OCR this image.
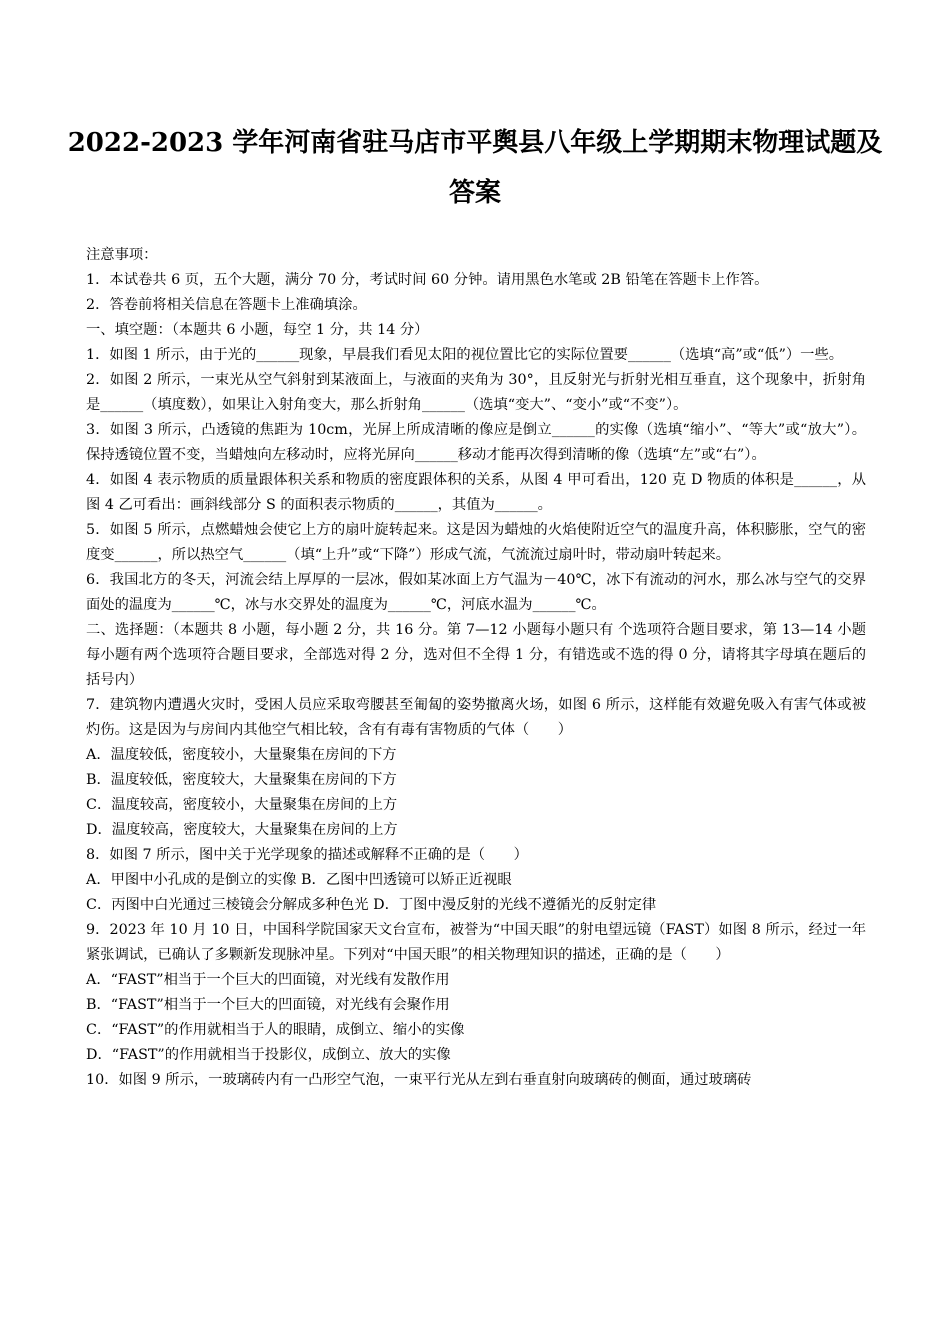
2022-2023 学年河南省驻马店市平舆县八年级上学期期末物理试题及
答案

注意事项：

1．本试卷共 6 页，五个大题，满分 70 分，考试时间 60 分钟。请用黑色水笔或 2B 铅笔在答题卡上作答。

2．答卷前将相关信息在答题卡上准确填涂。

一、填空题：（本题共 6 小题，每空 1 分，共 14 分）

1．如图 1 所示，由于光的______现象，早晨我们看见太阳的视位置比它的实际位置要______（选填“高”或“低”）一些。

2．如图 2 所示，一束光从空气斜射到某液面上，与液面的夹角为 30°，且反射光与折射光相互垂直，这个现象中，折射角是______（填度数），如果让入射角变大，那么折射角______（选填“变大”、“变小”或“不变”）。

3．如图 3 所示，凸透镜的焦距为 10cm，光屏上所成清晰的像应是倒立______的实像（选填“缩小”、“等大”或“放大”）。保持透镜位置不变，当蜡烛向左移动时，应将光屏向______移动才能再次得到清晰的像（选填“左”或“右”）。

4．如图 4 表示物质的质量跟体积关系和物质的密度跟体积的关系，从图 4 甲可看出，120 克 D 物质的体积是______，从图 4 乙可看出：画斜线部分 S 的面积表示物质的______，其值为______。

5．如图 5 所示，点燃蜡烛会使它上方的扇叶旋转起来。这是因为蜡烛的火焰使附近空气的温度升高，体积膨胀，空气的密度变______，所以热空气______（填“上升”或“下降”）形成气流，气流流过扇叶时，带动扇叶转起来。

6．我国北方的冬天，河流会结上厚厚的一层冰，假如某冰面上方气温为－40℃，冰下有流动的河水，那么冰与空气的交界面处的温度为______℃，冰与水交界处的温度为______℃，河底水温为______℃。

二、选择题：（本题共 8 小题，每小题 2 分，共 16 分。第 7—12 小题每小题只有 个选项符合题目要求，第 13—14 小题每小题有两个选项符合题目要求，全部选对得 2 分，选对但不全得 1 分，有错选或不选的得 0 分，请将其字母填在题后的括号内）

7．建筑物内遭遇火灾时，受困人员应采取弯腰甚至匍匐的姿势撤离火场，如图 6 所示，这样能有效避免吸入有害气体或被灼伤。这是因为与房间内其他空气相比较，含有有毒有害物质的气体（　　）

A．温度较低，密度较小，大量聚集在房间的下方

B．温度较低，密度较大，大量聚集在房间的下方

C．温度较高，密度较小，大量聚集在房间的上方

D．温度较高，密度较大，大量聚集在房间的上方

8．如图 7 所示，图中关于光学现象的描述或解释不正确的是（　　）

A．甲图中小孔成的是倒立的实像 B．乙图中凹透镜可以矫正近视眼

C．丙图中白光通过三棱镜会分解成多种色光 D．丁图中漫反射的光线不遵循光的反射定律

9．2023 年 10 月 10 日，中国科学院国家天文台宣布，被誉为“中国天眼”的射电望远镜（FAST）如图 8 所示，经过一年紧张调试，已确认了多颗新发现脉冲星。下列对“中国天眼”的相关物理知识的描述，正确的是（　　）

A．“FAST”相当于一个巨大的凹面镜，对光线有发散作用

B．“FAST”相当于一个巨大的凹面镜，对光线有会聚作用

C．“FAST”的作用就相当于人的眼睛，成倒立、缩小的实像

D．“FAST”的作用就相当于投影仪，成倒立、放大的实像

10．如图 9 所示，一玻璃砖内有一凸形空气泡，一束平行光从左到右垂直射向玻璃砖的侧面，通过玻璃砖
